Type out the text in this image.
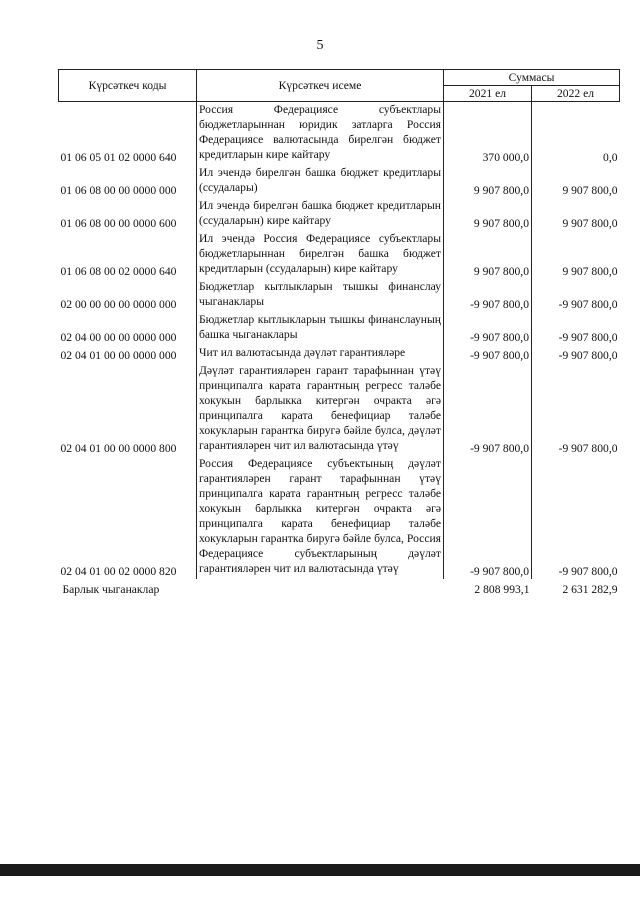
5
Күрсәткеч коды	Күрсәткеч исеме	Суммасы	
		2021 ел	2022 ел
01 06 05 01 02 0000 640	Россия Федерациясе субъектлары бюджетларыннан юридик затларга Россия Федерациясе валютасында бирелгән бюджет кредитларын кире кайтару	370 000,0	0,0
01 06 08 00 00 0000 000	Ил эчендә бирелгән башка бюджет кредитлары (ссудалары)	9 907 800,0	9 907 800,0
01 06 08 00 00 0000 600	Ил эчендә бирелгән башка бюджет кредитларын (ссудаларын) кире кайтару	9 907 800,0	9 907 800,0
01 06 08 00 02 0000 640	Ил эчендә Россия Федерациясе субъектлары бюджетларыннан бирелгән башка бюджет кредитларын (ссудаларын) кире кайтару	9 907 800,0	9 907 800,0
02 00 00 00 00 0000 000	Бюджетлар кытлыкларын тышкы финанслау чыганаклары	-9 907 800,0	-9 907 800,0
02 04 00 00 00 0000 000	Бюджетлар кытлыкларын тышкы финанслауның башка чыганаклары	-9 907 800,0	-9 907 800,0
02 04 01 00 00 0000 000	Чит ил валютасында дәүләт гарантияләре	-9 907 800,0	-9 907 800,0
02 04 01 00 00 0000 800	Дәүләт гарантияләрен гарант тарафыннан үтәү принципалга карата гарантның регресс таләбе хокукын барлыкка китергән очракта әгә принципалга карата бенефициар таләбе хокукларын гарантка биругә бәйле булса, дәүләт гарантияләрен чит ил валютасында үтәү	-9 907 800,0	-9 907 800,0
02 04 01 00 02 0000 820	Россия Федерациясе субъектының дәүләт гарантияләрен гарант тарафыннан үтәү принципалга карата гарантның регресс таләбе хокукын барлыкка китергән очракта әгә принципалга карата бенефициар таләбе хокукларын гарантка биругә бәйле булса, Россия Федерациясе субъектларының дәүләт гарантияләрен чит ил валютасында үтәү	-9 907 800,0	-9 907 800,0
Барлык чыганаклар		2 808 993,1	2 631 282,9
